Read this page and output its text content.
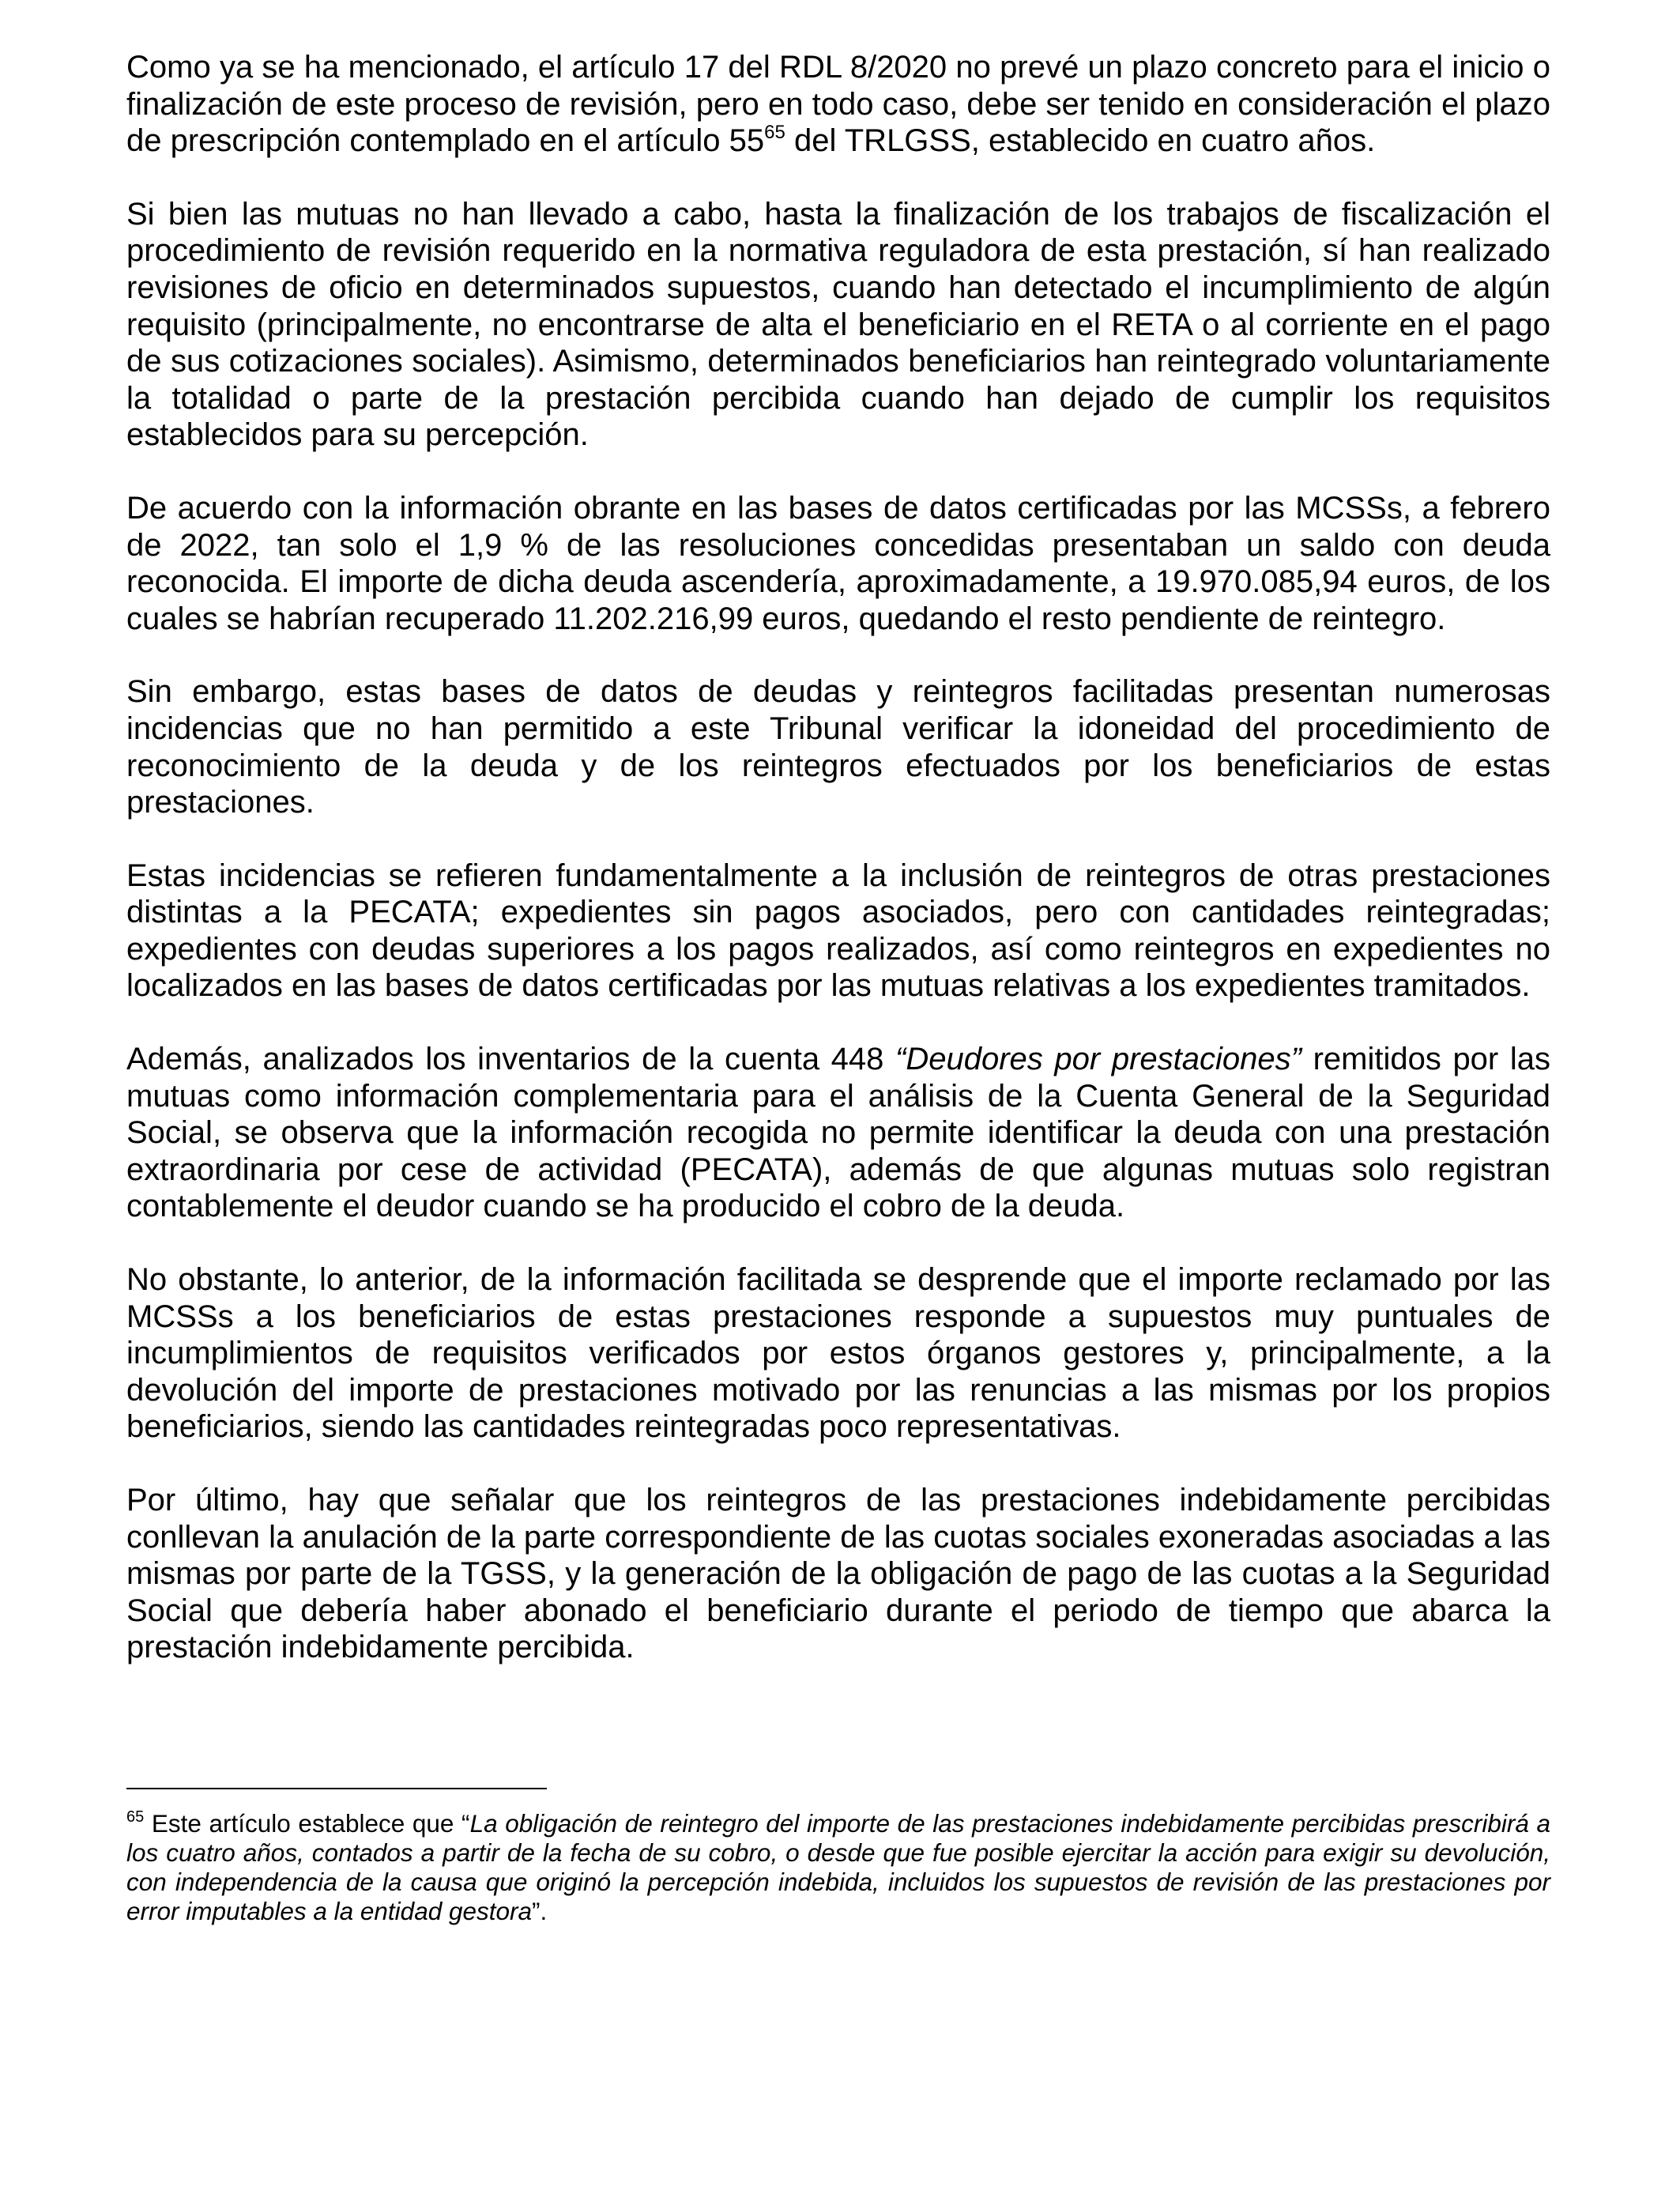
Como ya se ha mencionado, el artículo 17 del RDL 8/2020 no prevé un plazo concreto para el inicio o finalización de este proceso de revisión, pero en todo caso, debe ser tenido en consideración el plazo de prescripción contemplado en el artículo $55^{65}$ del TRLGSS, establecido en cuatro años.

Si bien las mutuas no han llevado a cabo, hasta la finalización de los trabajos de fiscalización el procedimiento de revisión requerido en la normativa reguladora de esta prestación, sí han realizado revisiones de oficio en determinados supuestos, cuando han detectado el incumplimiento de algún requisito (principalmente, no encontrarse de alta el beneficiario en el RETA o al corriente en el pago de sus cotizaciones sociales). Asimismo, determinados beneficiarios han reintegrado voluntariamente la totalidad o parte de la prestación percibida cuando han dejado de cumplir los requisitos establecidos para su percepción.

De acuerdo con la información obrante en las bases de datos certificadas por las MCSSs, a febrero de 2022, tan solo el 1,9 % de las resoluciones concedidas presentaban un saldo con deuda reconocida. El importe de dicha deuda ascendería, aproximadamente, a 19.970.085,94 euros, de los cuales se habrían recuperado 11.202.216,99 euros, quedando el resto pendiente de reintegro.

Sin embargo, estas bases de datos de deudas y reintegros facilitadas presentan numerosas incidencias que no han permitido a este Tribunal verificar la idoneidad del procedimiento de reconocimiento de la deuda y de los reintegros efectuados por los beneficiarios de estas prestaciones.

Estas incidencias se refieren fundamentalmente a la inclusión de reintegros de otras prestaciones distintas a la PECATA; expedientes sin pagos asociados, pero con cantidades reintegradas; expedientes con deudas superiores a los pagos realizados, así como reintegros en expedientes no localizados en las bases de datos certificadas por las mutuas relativas a los expedientes tramitados.

Además, analizados los inventarios de la cuenta 448 “Deudores por prestaciones” remitidos por las mutuas como información complementaria para el análisis de la Cuenta General de la Seguridad Social, se observa que la información recogida no permite identificar la deuda con una prestación extraordinaria por cese de actividad (PECATA), además de que algunas mutuas solo registran contablemente el deudor cuando se ha producido el cobro de la deuda.

No obstante, lo anterior, de la información facilitada se desprende que el importe reclamado por las MCSSs a los beneficiarios de estas prestaciones responde a supuestos muy puntuales de incumplimientos de requisitos verificados por estos órganos gestores y, principalmente, a la devolución del importe de prestaciones motivado por las renuncias a las mismas por los propios beneficiarios, siendo las cantidades reintegradas poco representativas.

Por último, hay que señalar que los reintegros de las prestaciones indebidamente percibidas conllevan la anulación de la parte correspondiente de las cuotas sociales exoneradas asociadas a las mismas por parte de la TGSS, y la generación de la obligación de pago de las cuotas a la Seguridad Social que debería haber abonado el beneficiario durante el periodo de tiempo que abarca la prestación indebidamente percibida.

$^{65}$ Este artículo establece que “La obligación de reintegro del importe de las prestaciones indebidamente percibidas prescribirá a los cuatro años, contados a partir de la fecha de su cobro, o desde que fue posible ejercitar la acción para exigir su devolución, con independencia de la causa que originó la percepción indebida, incluidos los supuestos de revisión de las prestaciones por error imputables a la entidad gestora”.
